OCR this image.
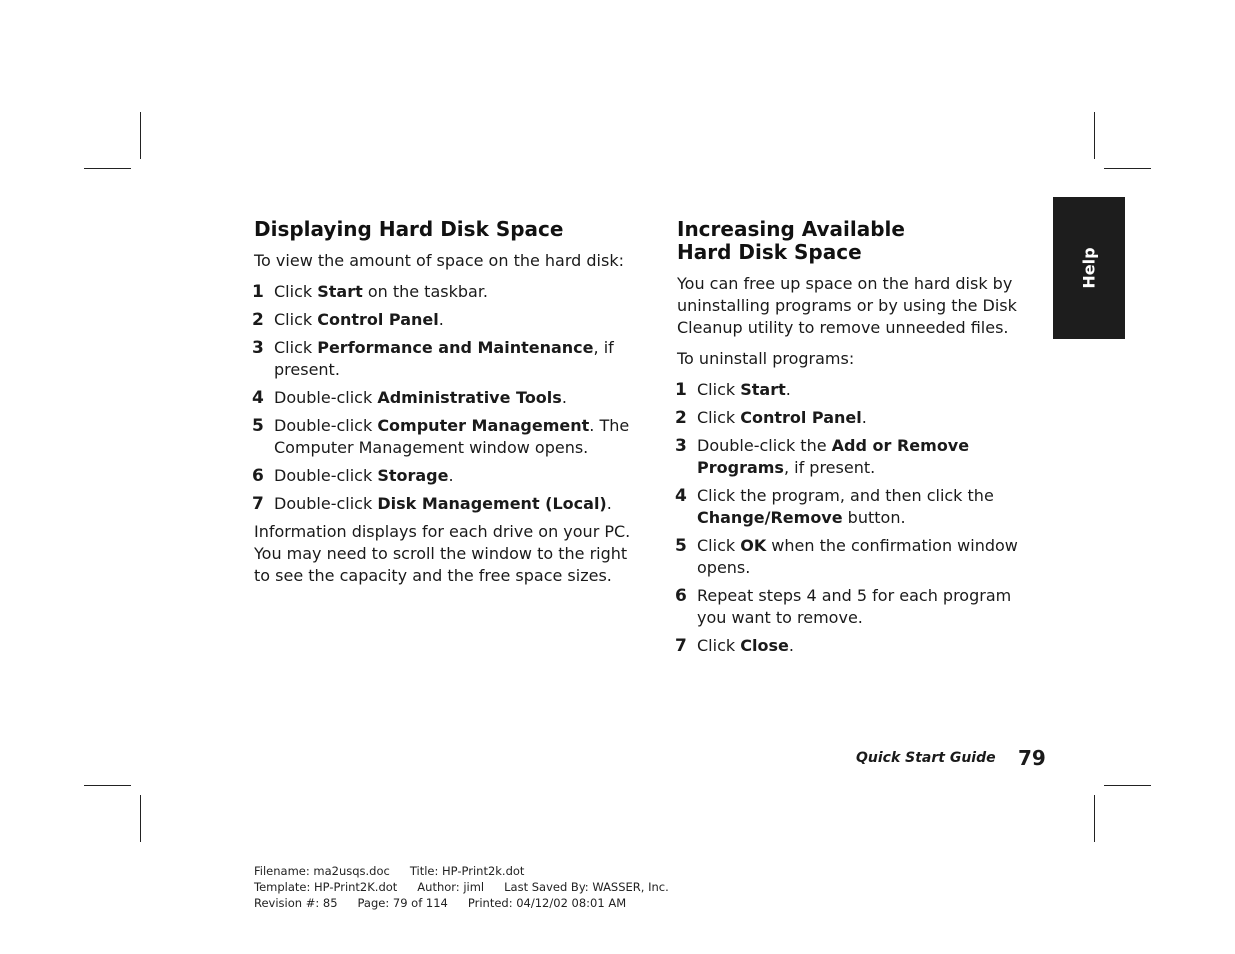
Displaying Hard Disk Space
To view the amount of space on the hard disk:
1 Click Start on the taskbar.
2 Click Control Panel.
3 Click Performance and Maintenance, if present.
4 Double-click Administrative Tools.
5 Double-click Computer Management. The Computer Management window opens.
6 Double-click Storage.
7 Double-click Disk Management (Local).
Information displays for each drive on your PC. You may need to scroll the window to the right to see the capacity and the free space sizes.
Increasing Available
Hard Disk Space
You can free up space on the hard disk by uninstalling programs or by using the Disk Cleanup utility to remove unneeded files.
To uninstall programs:
1 Click Start.
2 Click Control Panel.
3 Double-click the Add or Remove Programs, if present.
4 Click the program, and then click the Change/Remove button.
5 Click OK when the confirmation window opens.
6 Repeat steps 4 and 5 for each program you want to remove.
7 Click Close.
Help
Quick Start Guide 79
Filename: ma2usqs.doc Title: HP-Print2k.dot
Template: HP-Print2K.dot Author: jiml Last Saved By: WASSER, Inc.
Revision #: 85 Page: 79 of 114 Printed: 04/12/02 08:01 AM
